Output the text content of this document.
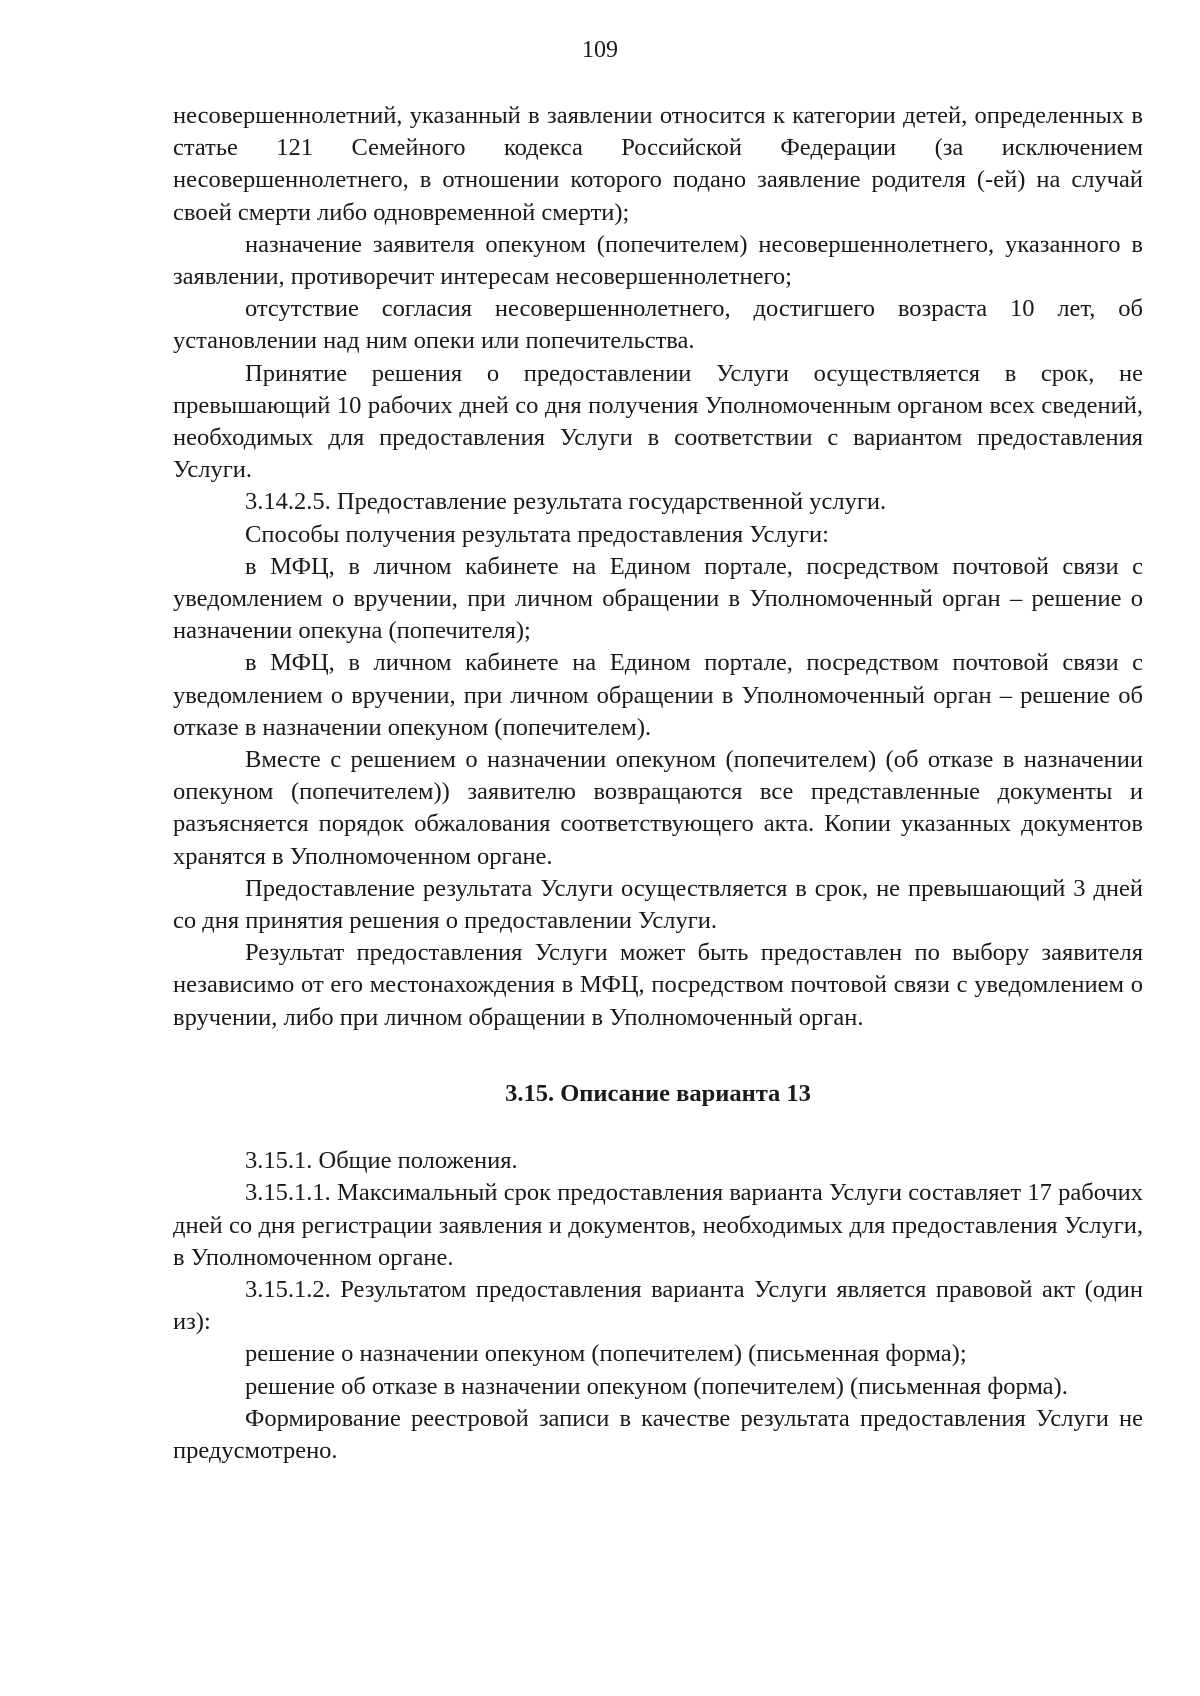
109

несовершеннолетний, указанный в заявлении относится к категории детей, определенных в статье 121 Семейного кодекса Российской Федерации (за исключением несовершеннолетнего, в отношении которого подано заявление родителя (-ей) на случай своей смерти либо одновременной смерти);

назначение заявителя опекуном (попечителем) несовершеннолетнего, указанного в заявлении, противоречит интересам несовершеннолетнего;

отсутствие согласия несовершеннолетнего, достигшего возраста 10 лет, об установлении над ним опеки или попечительства.

Принятие решения о предоставлении Услуги осуществляется в срок, не превышающий 10 рабочих дней со дня получения Уполномоченным органом всех сведений, необходимых для предоставления Услуги в соответствии с вариантом предоставления Услуги.

3.14.2.5. Предоставление результата государственной услуги.

Способы получения результата предоставления Услуги:

в МФЦ, в личном кабинете на Едином портале, посредством почтовой связи с уведомлением о вручении, при личном обращении в Уполномоченный орган – решение о назначении опекуна (попечителя);

в МФЦ, в личном кабинете на Едином портале, посредством почтовой связи с уведомлением о вручении, при личном обращении в Уполномоченный орган – решение об отказе в назначении опекуном (попечителем).

Вместе с решением о назначении опекуном (попечителем) (об отказе в назначении опекуном (попечителем)) заявителю возвращаются все представленные документы и разъясняется порядок обжалования соответствующего акта. Копии указанных документов хранятся в Уполномоченном органе.

Предоставление результата Услуги осуществляется в срок, не превышающий 3 дней со дня принятия решения о предоставлении Услуги.

Результат предоставления Услуги может быть предоставлен по выбору заявителя независимо от его местонахождения в МФЦ, посредством почтовой связи с уведомлением о вручении, либо при личном обращении в Уполномоченный орган.

3.15. Описание варианта 13

3.15.1. Общие положения.

3.15.1.1. Максимальный срок предоставления варианта Услуги составляет 17 рабочих дней со дня регистрации заявления и документов, необходимых для предоставления Услуги, в Уполномоченном органе.

3.15.1.2. Результатом предоставления варианта Услуги является правовой акт (один из):

решение о назначении опекуном (попечителем) (письменная форма);

решение об отказе в назначении опекуном (попечителем) (письменная форма).

Формирование реестровой записи в качестве результата предоставления Услуги не предусмотрено.
